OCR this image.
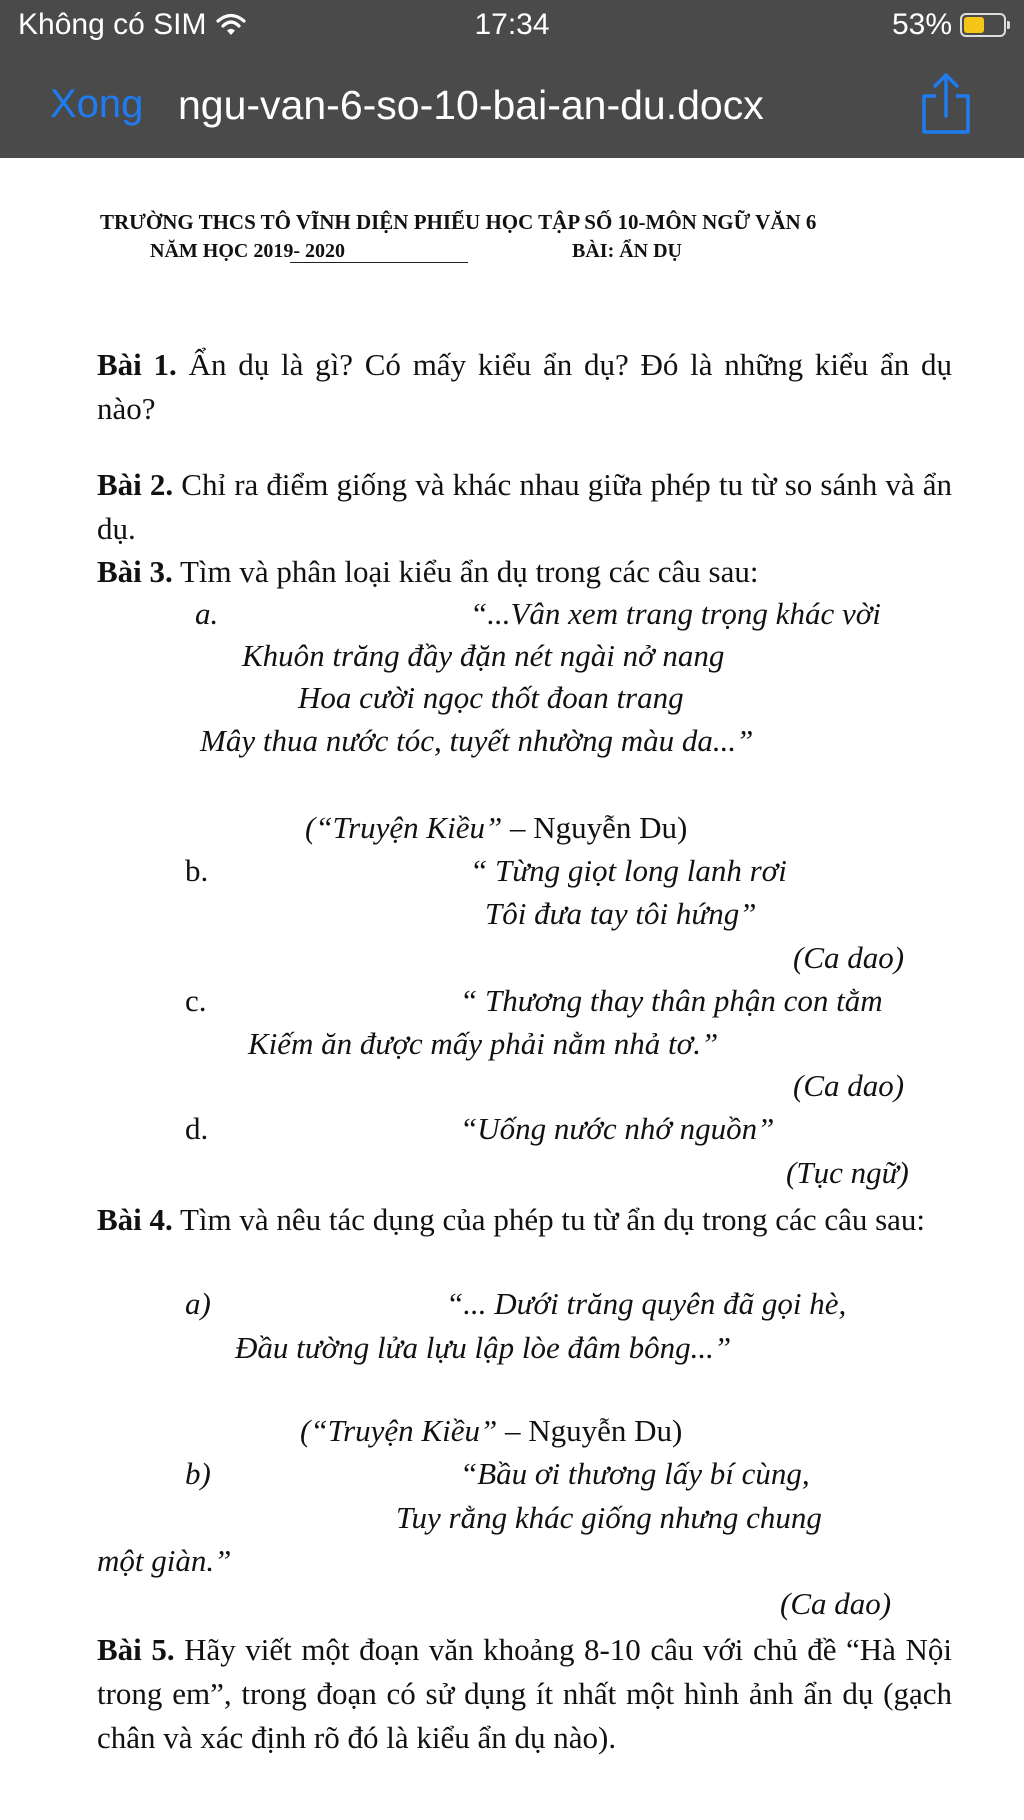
Không có SIM	17:34	53%
Xong ngu-van-6-so-10-bai-an-du.docx
TRƯỜNG THCS TÔ VĨNH DIỆN PHIẾU HỌC TẬP SỐ 10-MÔN NGỮ VĂN 6
NĂM HỌC 2019- 2020	BÀI: ẨN DỤ
Bài 1. Ẩn dụ là gì? Có mấy kiểu ẩn dụ? Đó là những kiểu ẩn dụ nào?
Bài 2. Chỉ ra điểm giống và khác nhau giữa phép tu từ so sánh và ẩn dụ.
Bài 3. Tìm và phân loại kiểu ẩn dụ trong các câu sau:
a.	“...Vân xem trang trọng khác vời
Khuôn trăng đầy đặn nét ngài nở nang
Hoa cười ngọc thốt đoan trang
Mây thua nước tóc, tuyết nhường màu da...”
(“Truyện Kiều” – Nguyễn Du)
b.	“ Từng giọt long lanh rơi
Tôi đưa tay tôi hứng”
(Ca dao)
c.	“ Thương thay thân phận con tằm
Kiếm ăn được mấy phải nằm nhả tơ.”
(Ca dao)
d.	“Uống nước nhớ nguồn”
(Tục ngữ)
Bài 4. Tìm và nêu tác dụng của phép tu từ ẩn dụ trong các câu sau:
a)	“... Dưới trăng quyên đã gọi hè,
Đầu tường lửa lựu lập lòe đâm bông...”
(“Truyện Kiều” – Nguyễn Du)
b)	“Bầu ơi thương lấy bí cùng,
Tuy rằng khác giống nhưng chung
một giàn.”
(Ca dao)
Bài 5. Hãy viết một đoạn văn khoảng 8-10 câu với chủ đề “Hà Nội trong em”, trong đoạn có sử dụng ít nhất một hình ảnh ẩn dụ (gạch chân và xác định rõ đó là kiểu ẩn dụ nào).
